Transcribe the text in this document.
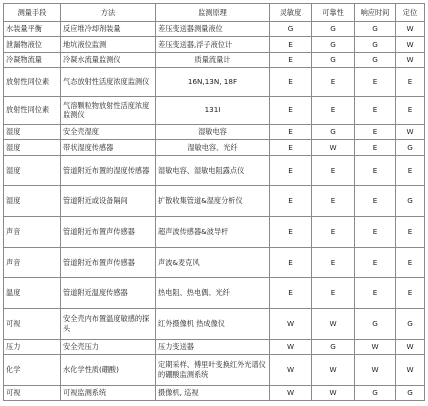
测量手段	方法	监测原理	灵敏度	可靠性	响应时间	定位
水装量平衡	反应堆冷却剂装量	差压变送器测量液位	G	G	G	W
泄漏物液位	地坑液位监测	差压变送器,浮子液位计	E	G	G	W
冷凝物流量	冷凝水流量监测仪	质量流量计	E	G	G	W
放射性同位素	气态放射性活度浓度监测仪	16N,13N, 18F	E	E	E	E
放射性同位素	气溶颗粒物放射性活度浓度监测仪	131I	E	E	E	E
湿度	安全壳湿度	湿敏电容	E	G	E	W
湿度	带状湿度传感器	湿敏电容、光纤	E	W	E	G
湿度	管道附近布置的湿度传感器	湿敏电容、湿敏电阻露点仪	E	E	E	E
湿度	管道附近或设备隔间	扩散收集管道&湿度分析仪	E	E	E	G
声音	管道附近布置声传感器	超声波传感器&波导杆	E	E	E	E
声音	管道附近布置声传感器	声波&麦克风	E	E	E	E
温度	管道附近温度传感器	热电阻、热电偶、光纤	E	E	E	E
可视	安全壳内布置温度敏感的探头	红外摄像机 热成像仪	W	W	G	G
压力	安全壳压力	压力变送器	W	G	W	W
化学	水化学性质(硼酸)	定期采样、傅里叶变换红外光谱仪的硼酸监测系统	W	W	W	W
可视	可视监测系统	摄像机, 巡视	W	W	G	G
